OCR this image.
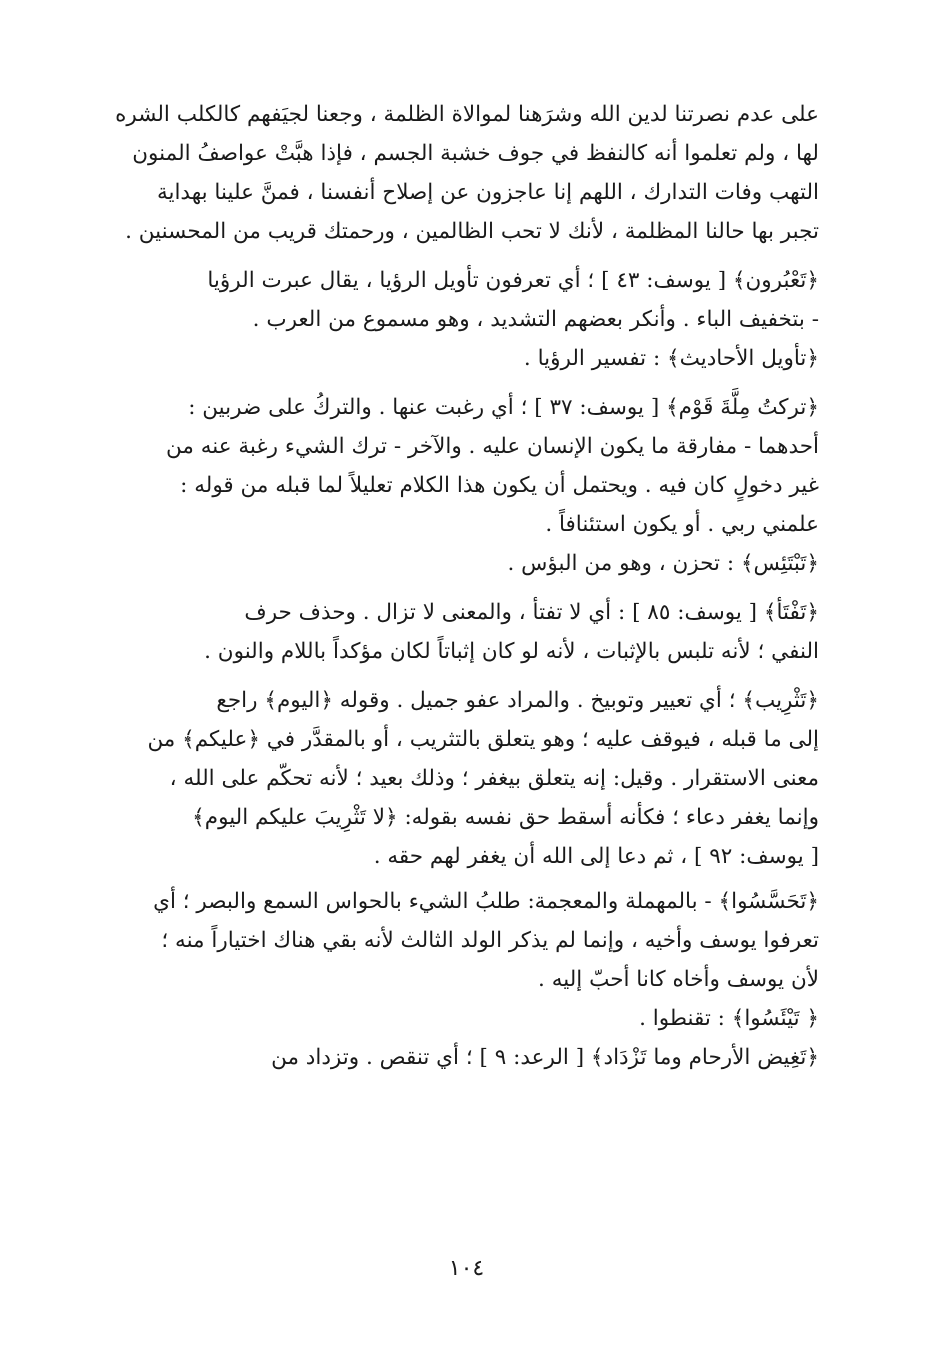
على عدم نصرتنا لدين الله وشرَهنا لموالاة الظلمة ، وجعنا لجيَفهم كالكلب الشره
لها ، ولم تعلموا أنه كالنفظ في جوف خشبة الجسم ، فإذا هبَّتْ عواصفُ المنون
التهب وفات التدارك ، اللهم إنا عاجزون عن إصلاح أنفسنا ، فمنَّ علينا بهداية
تجبر بها حالنا المظلمة ، لأنك لا تحب الظالمين ، ورحمتك قريب من المحسنين .

﴿تَعْبُرون﴾ [ يوسف: ٤٣ ] ؛ أي تعرفون تأويل الرؤيا ، يقال عبرت الرؤيا
- بتخفيف الباء . وأنكر بعضهم التشديد ، وهو مسموع من العرب .
﴿تأويل الأحاديث﴾ : تفسير الرؤيا .

﴿تركتُ مِلَّةَ قَوْم﴾ [ يوسف: ٣٧ ] ؛ أي رغبت عنها . والتركُ على ضربين :
أحدهما - مفارقة ما يكون الإنسان عليه . والآخر - ترك الشيء رغبة عنه من
غير دخولٍ كان فيه . ويحتمل أن يكون هذا الكلام تعليلاً لما قبله من قوله :
علمني ربي . أو يكون استئنافاً .
﴿تَبْتَئِس﴾ : تحزن ، وهو من البؤس .

﴿تَفْتَأ﴾ [ يوسف: ٨٥ ] : أي لا تفتأ ، والمعنى لا تزال . وحذف حرف
النفي ؛ لأنه تلبس بالإثبات ، لأنه لو كان إثباتاً لكان مؤكداً باللام والنون .

﴿تَثْرِيب﴾ ؛ أي تعيير وتوبيخ . والمراد عفو جميل . وقوله ﴿اليوم﴾ راجع
إلى ما قبله ، فيوقف عليه ؛ وهو يتعلق بالتثريب ، أو بالمقدَّر في ﴿عليكم﴾ من
معنى الاستقرار . وقيل: إنه يتعلق بيغفر ؛ وذلك بعيد ؛ لأنه تحكّم على الله ،
وإنما يغفر دعاء ؛ فكأنه أسقط حق نفسه بقوله: ﴿لا تَثْرِيبَ عليكم اليوم﴾
[ يوسف: ٩٢ ] ، ثم دعا إلى الله أن يغفر لهم حقه .

﴿تَحَسَّسُوا﴾ - بالمهملة والمعجمة: طلبُ الشيء بالحواس السمع والبصر ؛ أي
تعرفوا يوسف وأخيه ، وإنما لم يذكر الولد الثالث لأنه بقي هناك اختياراً منه ؛
لأن يوسف وأخاه كانا أحبّ إليه .
﴿ تَيْئَسُوا﴾ : تقنطوا .
﴿تَغِيض الأرحام وما تَزْدَاد﴾ [ الرعد: ٩ ] ؛ أي تنقص . وتزداد من

١٠٤
